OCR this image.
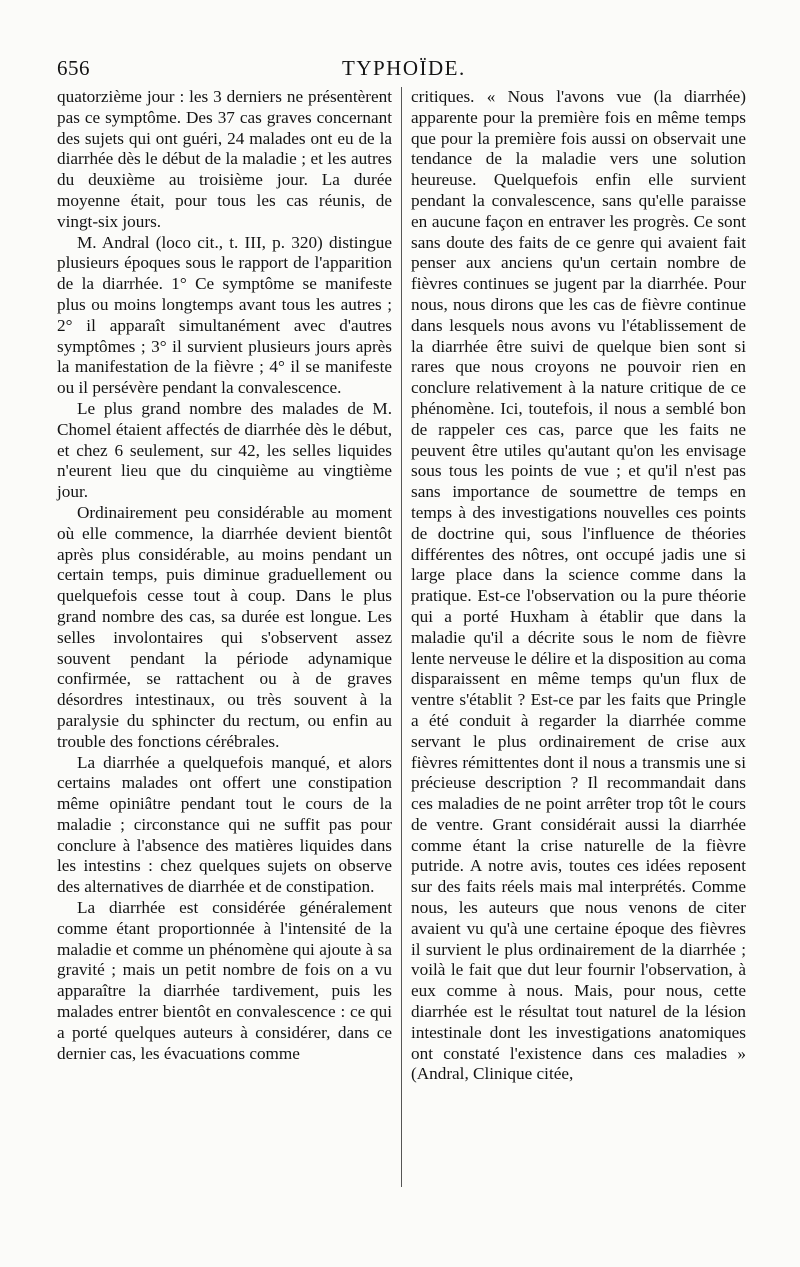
656	TYPHOÏDE.

quatorzième jour : les 3 derniers ne présentèrent pas ce symptôme. Des 37 cas graves concernant des sujets qui ont guéri, 24 malades ont eu de la diarrhée dès le début de la maladie ; et les autres du deuxième au troisième jour. La durée moyenne était, pour tous les cas réunis, de vingt-six jours.

M. Andral (loco cit., t. III, p. 320) distingue plusieurs époques sous le rapport de l'apparition de la diarrhée. 1° Ce symptôme se manifeste plus ou moins longtemps avant tous les autres ; 2° il apparaît simultanément avec d'autres symptômes ; 3° il survient plusieurs jours après la manifestation de la fièvre ; 4° il se manifeste ou il persévère pendant la convalescence.

Le plus grand nombre des malades de M. Chomel étaient affectés de diarrhée dès le début, et chez 6 seulement, sur 42, les selles liquides n'eurent lieu que du cinquième au vingtième jour.

Ordinairement peu considérable au moment où elle commence, la diarrhée devient bientôt après plus considérable, au moins pendant un certain temps, puis diminue graduellement ou quelquefois cesse tout à coup. Dans le plus grand nombre des cas, sa durée est longue. Les selles involontaires qui s'observent assez souvent pendant la période adynamique confirmée, se rattachent ou à de graves désordres intestinaux, ou très souvent à la paralysie du sphincter du rectum, ou enfin au trouble des fonctions cérébrales.

La diarrhée a quelquefois manqué, et alors certains malades ont offert une constipation même opiniâtre pendant tout le cours de la maladie ; circonstance qui ne suffit pas pour conclure à l'absence des matières liquides dans les intestins : chez quelques sujets on observe des alternatives de diarrhée et de constipation.

La diarrhée est considérée généralement comme étant proportionnée à l'intensité de la maladie et comme un phénomène qui ajoute à sa gravité ; mais un petit nombre de fois on a vu apparaître la diarrhée tardivement, puis les malades entrer bientôt en convalescence : ce qui a porté quelques auteurs à considérer, dans ce dernier cas, les évacuations comme

critiques. « Nous l'avons vue (la diarrhée) apparente pour la première fois en même temps que pour la première fois aussi on observait une tendance de la maladie vers une solution heureuse. Quelquefois enfin elle survient pendant la convalescence, sans qu'elle paraisse en aucune façon en entraver les progrès. Ce sont sans doute des faits de ce genre qui avaient fait penser aux anciens qu'un certain nombre de fièvres continues se jugent par la diarrhée. Pour nous, nous dirons que les cas de fièvre continue dans lesquels nous avons vu l'établissement de la diarrhée être suivi de quelque bien sont si rares que nous croyons ne pouvoir rien en conclure relativement à la nature critique de ce phénomène. Ici, toutefois, il nous a semblé bon de rappeler ces cas, parce que les faits ne peuvent être utiles qu'autant qu'on les envisage sous tous les points de vue ; et qu'il n'est pas sans importance de soumettre de temps en temps à des investigations nouvelles ces points de doctrine qui, sous l'influence de théories différentes des nôtres, ont occupé jadis une si large place dans la science comme dans la pratique. Est-ce l'observation ou la pure théorie qui a porté Huxham à établir que dans la maladie qu'il a décrite sous le nom de fièvre lente nerveuse le délire et la disposition au coma disparaissent en même temps qu'un flux de ventre s'établit ? Est-ce par les faits que Pringle a été conduit à regarder la diarrhée comme servant le plus ordinairement de crise aux fièvres rémittentes dont il nous a transmis une si précieuse description ? Il recommandait dans ces maladies de ne point arrêter trop tôt le cours de ventre. Grant considérait aussi la diarrhée comme étant la crise naturelle de la fièvre putride. A notre avis, toutes ces idées reposent sur des faits réels mais mal interprétés. Comme nous, les auteurs que nous venons de citer avaient vu qu'à une certaine époque des fièvres il survient le plus ordinairement de la diarrhée ; voilà le fait que dut leur fournir l'observation, à eux comme à nous. Mais, pour nous, cette diarrhée est le résultat tout naturel de la lésion intestinale dont les investigations anatomiques ont constaté l'existence dans ces maladies » (Andral, Clinique citée,
